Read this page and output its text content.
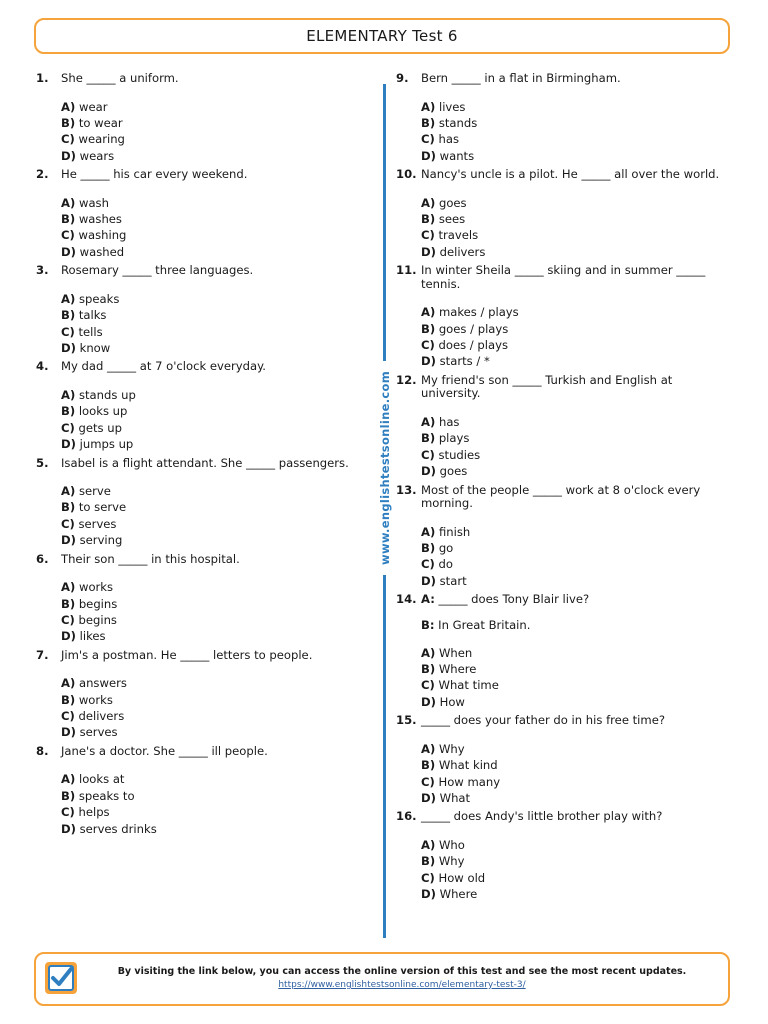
ELEMENTARY Test 6
1.	She _____ a uniform.
A) wear
B) to wear
C) wearing
D) wears
2.	He _____ his car every weekend.
A) wash
B) washes
C) washing
D) washed
3.	Rosemary _____ three languages.
A) speaks
B) talks
C) tells
D) know
4.	My dad _____ at 7 o'clock everyday.
A) stands up
B) looks up
C) gets up
D) jumps up
5.	Isabel is a flight attendant. She _____ passengers.
A) serve
B) to serve
C) serves
D) serving
6.	Their son _____ in this hospital.
A) works
B) begins
C) begins
D) likes
7.	Jim's a postman. He _____ letters to people.
A) answers
B) works
C) delivers
D) serves
8.	Jane's a doctor. She _____ ill people.
A) looks at
B) speaks to
C) helps
D) serves drinks
www.englishtestsonline.com
9.	Bern _____ in a flat in Birmingham.
A) lives
B) stands
C) has
D) wants
10. Nancy's uncle is a pilot. He _____ all over the world.
A) goes
B) sees
C) travels
D) delivers
11. In winter Sheila _____ skiing and in summer _____ tennis.
A) makes / plays
B) goes / plays
C) does / plays
D) starts / *
12. My friend's son _____ Turkish and English at university.
A) has
B) plays
C) studies
D) goes
13. Most of the people _____ work at 8 o'clock every morning.
A) finish
B) go
C) do
D) start
14. A: _____ does Tony Blair live?
B: In Great Britain.
A) When
B) Where
C) What time
D) How
15. _____ does your father do in his free time?
A) Why
B) What kind
C) How many
D) What
16. _____ does Andy's little brother play with?
A) Who
B) Why
C) How old
D) Where
By visiting the link below, you can access the online version of this test and see the most recent updates.
https://www.englishtestsonline.com/elementary-test-3/
